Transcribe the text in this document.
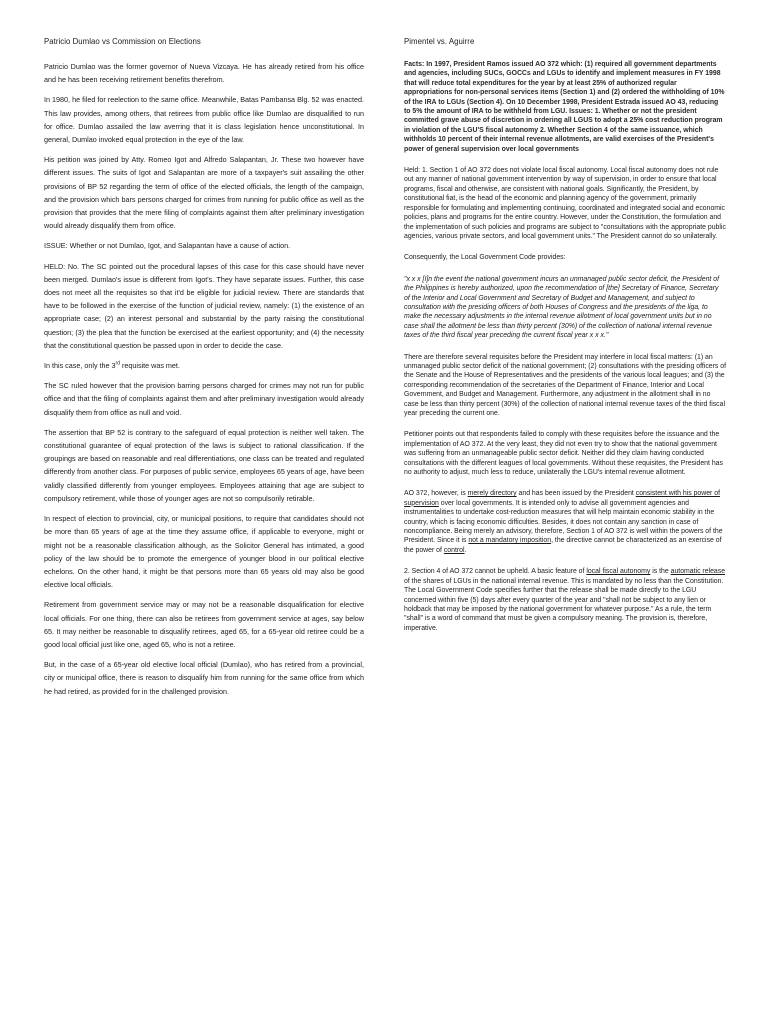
Patricio Dumlao vs Commission on Elections

Patricio Dumlao was the former governor of Nueva Vizcaya. He has already retired from his office and he has been receiving retirement benefits therefrom.

In 1980, he filed for reelection to the same office. Meanwhile, Batas Pambansa Blg. 52 was enacted. This law provides, among others, that retirees from public office like Dumlao are disqualified to run for office. Dumlao assailed the law averring that it is class legislation hence unconstitutional. In general, Dumlao invoked equal protection in the eye of the law.

His petition was joined by Atty. Romeo Igot and Alfredo Salapantan, Jr. These two however have different issues. The suits of Igot and Salapantan are more of a taxpayer's suit assailing the other provisions of BP 52 regarding the term of office of the elected officials, the length of the campaign, and the provision which bars persons charged for crimes from running for public office as well as the provision that provides that the mere filing of complaints against them after preliminary investigation would already disqualify them from office.

ISSUE: Whether or not Dumlao, Igot, and Salapantan have a cause of action.

HELD: No. The SC pointed out the procedural lapses of this case for this case should have never been merged. Dumlao's issue is different from Igot's. They have separate issues. Further, this case does not meet all the requisites so that it'd be eligible for judicial review. There are standards that have to be followed in the exercise of the function of judicial review, namely: (1) the existence of an appropriate case; (2) an interest personal and substantial by the party raising the constitutional question; (3) the plea that the function be exercised at the earliest opportunity; and (4) the necessity that the constitutional question be passed upon in order to decide the case.

In this case, only the 3rd requisite was met.

The SC ruled however that the provision barring persons charged for crimes may not run for public office and that the filing of complaints against them and after preliminary investigation would already disqualify them from office as null and void.

The assertion that BP 52 is contrary to the safeguard of equal protection is neither well taken. The constitutional guarantee of equal protection of the laws is subject to rational classification. If the groupings are based on reasonable and real differentiations, one class can be treated and regulated differently from another class. For purposes of public service, employees 65 years of age, have been validly classified differently from younger employees. Employees attaining that age are subject to compulsory retirement, while those of younger ages are not so compulsorily retirable.

In respect of election to provincial, city, or municipal positions, to require that candidates should not be more than 65 years of age at the time they assume office, if applicable to everyone, might or might not be a reasonable classification although, as the Solicitor General has intimated, a good policy of the law should be to promote the emergence of younger blood in our political elective echelons. On the other hand, it might be that persons more than 65 years old may also be good elective local officials.

Retirement from government service may or may not be a reasonable disqualification for elective local officials. For one thing, there can also be retirees from government service at ages, say below 65. It may neither be reasonable to disqualify retirees, aged 65, for a 65-year old retiree could be a good local official just like one, aged 65, who is not a retiree.

But, in the case of a 65-year old elective local official (Dumlao), who has retired from a provincial, city or municipal office, there is reason to disqualify him from running for the same office from which he had retired, as provided for in the challenged provision.

Pimentel vs. Aguirre

Facts: In 1997, President Ramos issued AO 372 which: (1) required all government departments and agencies, including SUCs, GOCCs and LGUs to identify and implement measures in FY 1998 that will reduce total expenditures for the year by at least 25% of authorized regular appropriations for non-personal services items (Section 1) and (2) ordered the withholding of 10% of the IRA to LGUs (Section 4). On 10 December 1998, President Estrada issued AO 43, reducing to 5% the amount of IRA to be withheld from LGU. Issues: 1. Whether or not the president committed grave abuse of discretion in ordering all LGUS to adopt a 25% cost reduction program in violation of the LGU'S fiscal autonomy 2. Whether Section 4 of the same issuance, which withholds 10 percent of their internal revenue allotments, are valid exercises of the President's power of general supervision over local governments

Held: 1. Section 1 of AO 372 does not violate local fiscal autonomy. Local fiscal autonomy does not rule out any manner of national government intervention by way of supervision, in order to ensure that local programs, fiscal and otherwise, are consistent with national goals. Significantly, the President, by constitutional fiat, is the head of the economic and planning agency of the government, primarily responsible for formulating and implementing continuing, coordinated and integrated social and economic policies, plans and programs for the entire country. However, under the Constitution, the formulation and the implementation of such policies and programs are subject to "consultations with the appropriate public agencies, various private sectors, and local government units." The President cannot do so unilaterally.

Consequently, the Local Government Code provides:

"x x x [I]n the event the national government incurs an unmanaged public sector deficit, the President of the Philippines is hereby authorized, upon the recommendation of [the] Secretary of Finance, Secretary of the Interior and Local Government and Secretary of Budget and Management, and subject to consultation with the presiding officers of both Houses of Congress and the presidents of the liga, to make the necessary adjustments in the internal revenue allotment of local government units but in no case shall the allotment be less than thirty percent (30%) of the collection of national internal revenue taxes of the third fiscal year preceding the current fiscal year x x x."

There are therefore several requisites before the President may interfere in local fiscal matters: (1) an unmanaged public sector deficit of the national government; (2) consultations with the presiding officers of the Senate and the House of Representatives and the presidents of the various local leagues; and (3) the corresponding recommendation of the secretaries of the Department of Finance, Interior and Local Government, and Budget and Management. Furthermore, any adjustment in the allotment shall in no case be less than thirty percent (30%) of the collection of national internal revenue taxes of the third fiscal year preceding the current one.

Petitioner points out that respondents failed to comply with these requisites before the issuance and the implementation of AO 372. At the very least, they did not even try to show that the national government was suffering from an unmanageable public sector deficit. Neither did they claim having conducted consultations with the different leagues of local governments. Without these requisites, the President has no authority to adjust, much less to reduce, unilaterally the LGU's internal revenue allotment.

AO 372, however, is merely directory and has been issued by the President consistent with his power of supervision over local governments. It is intended only to advise all government agencies and instrumentalities to undertake cost-reduction measures that will help maintain economic stability in the country, which is facing economic difficulties. Besides, it does not contain any sanction in case of noncompliance. Being merely an advisory, therefore, Section 1 of AO 372 is well within the powers of the President. Since it is not a mandatory imposition, the directive cannot be characterized as an exercise of the power of control.

2. Section 4 of AO 372 cannot be upheld. A basic feature of local fiscal autonomy is the automatic release of the shares of LGUs in the national internal revenue. This is mandated by no less than the Constitution. The Local Government Code specifies further that the release shall be made directly to the LGU concerned within five (5) days after every quarter of the year and "shall not be subject to any lien or holdback that may be imposed by the national government for whatever purpose." As a rule, the term "shall" is a word of command that must be given a compulsory meaning. The provision is, therefore, imperative.
